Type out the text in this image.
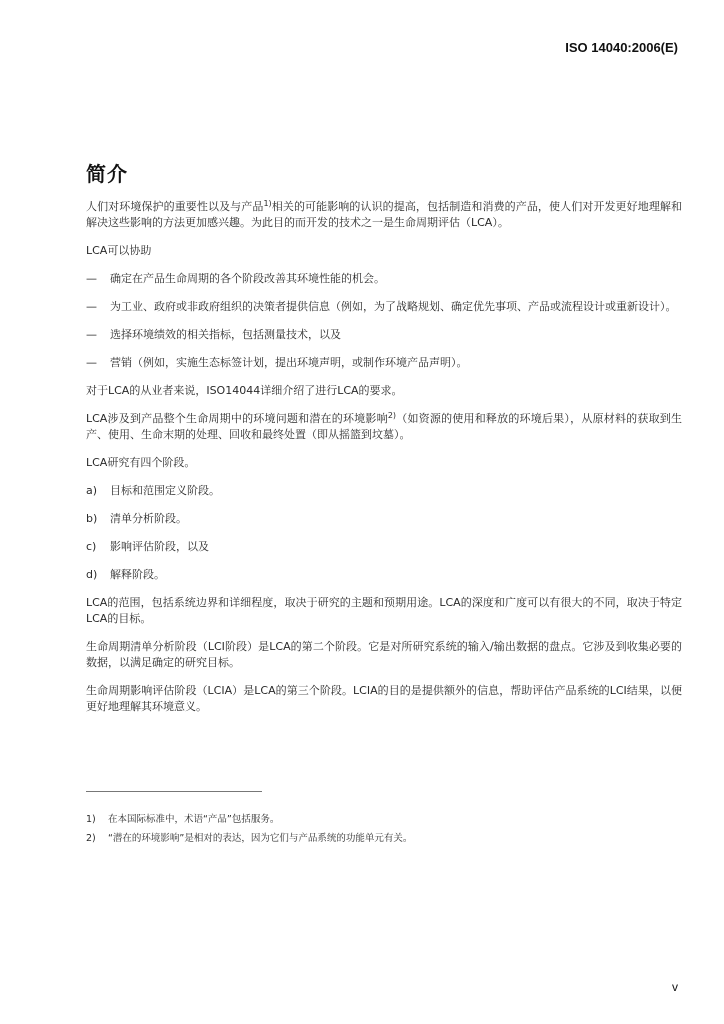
ISO 14040:2006(E)
简介

人们对环境保护的重要性以及与产品$^{1)}$相关的可能影响的认识的提高，包括制造和消费的产品，使人们对开发更好地理解和解决这些影响的方法更加感兴趣。为此目的而开发的技术之一是生命周期评估（LCA）。

LCA可以协助

— 确定在产品生命周期的各个阶段改善其环境性能的机会。
— 为工业、政府或非政府组织的决策者提供信息（例如，为了战略规划、确定优先事项、产品或流程设计或重新设计）。
— 选择环境绩效的相关指标，包括测量技术，以及
— 营销（例如，实施生态标签计划，提出环境声明，或制作环境产品声明）。

对于LCA的从业者来说，ISO14044详细介绍了进行LCA的要求。

LCA涉及到产品整个生命周期中的环境问题和潜在的环境影响$^{2)}$（如资源的使用和释放的环境后果），从原材料的获取到生产、使用、生命末期的处理、回收和最终处置（即从摇篮到坟墓）。

LCA研究有四个阶段。

a) 目标和范围定义阶段。
b) 清单分析阶段。
c) 影响评估阶段，以及
d) 解释阶段。

LCA的范围，包括系统边界和详细程度，取决于研究的主题和预期用途。LCA的深度和广度可以有很大的不同，取决于特定LCA的目标。

生命周期清单分析阶段（LCI阶段）是LCA的第二个阶段。它是对所研究系统的输入/输出数据的盘点。它涉及到收集必要的数据，以满足确定的研究目标。

生命周期影响评估阶段（LCIA）是LCA的第三个阶段。LCIA的目的是提供额外的信息，帮助评估产品系统的LCI结果，以便更好地理解其环境意义。

1) 在本国际标准中，术语“产品”包括服务。
2) “潜在的环境影响”是相对的表达，因为它们与产品系统的功能单元有关。
v
